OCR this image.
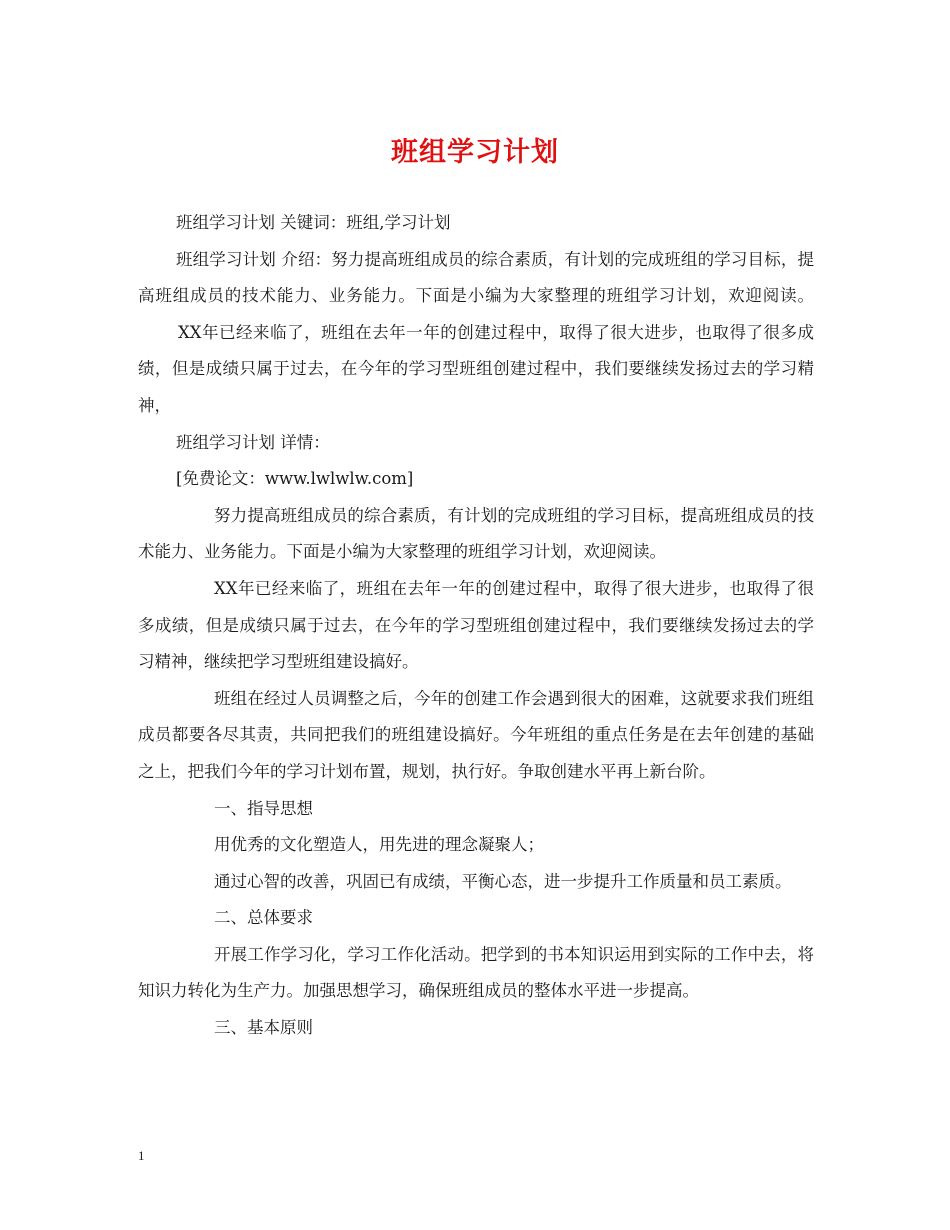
班组学习计划

班组学习计划 关键词：班组,学习计划

班组学习计划 介绍：努力提高班组成员的综合素质，有计划的完成班组的学习目标，提高班组成员的技术能力、业务能力。下面是小编为大家整理的班组学习计划，欢迎阅读。XX年已经来临了，班组在去年一年的创建过程中，取得了很大进步，也取得了很多成绩，但是成绩只属于过去，在今年的学习型班组创建过程中，我们要继续发扬过去的学习精神，

班组学习计划 详情：

[免费论文：www.lwlwlw.com]

努力提高班组成员的综合素质，有计划的完成班组的学习目标，提高班组成员的技术能力、业务能力。下面是小编为大家整理的班组学习计划，欢迎阅读。

XX年已经来临了，班组在去年一年的创建过程中，取得了很大进步，也取得了很多成绩，但是成绩只属于过去，在今年的学习型班组创建过程中，我们要继续发扬过去的学习精神，继续把学习型班组建设搞好。

班组在经过人员调整之后，今年的创建工作会遇到很大的困难，这就要求我们班组成员都要各尽其责，共同把我们的班组建设搞好。今年班组的重点任务是在去年创建的基础之上，把我们今年的学习计划布置，规划，执行好。争取创建水平再上新台阶。

一、指导思想

用优秀的文化塑造人，用先进的理念凝聚人；

通过心智的改善，巩固已有成绩，平衡心态，进一步提升工作质量和员工素质。

二、总体要求

开展工作学习化，学习工作化活动。把学到的书本知识运用到实际的工作中去，将知识力转化为生产力。加强思想学习，确保班组成员的整体水平进一步提高。

三、基本原则

1
